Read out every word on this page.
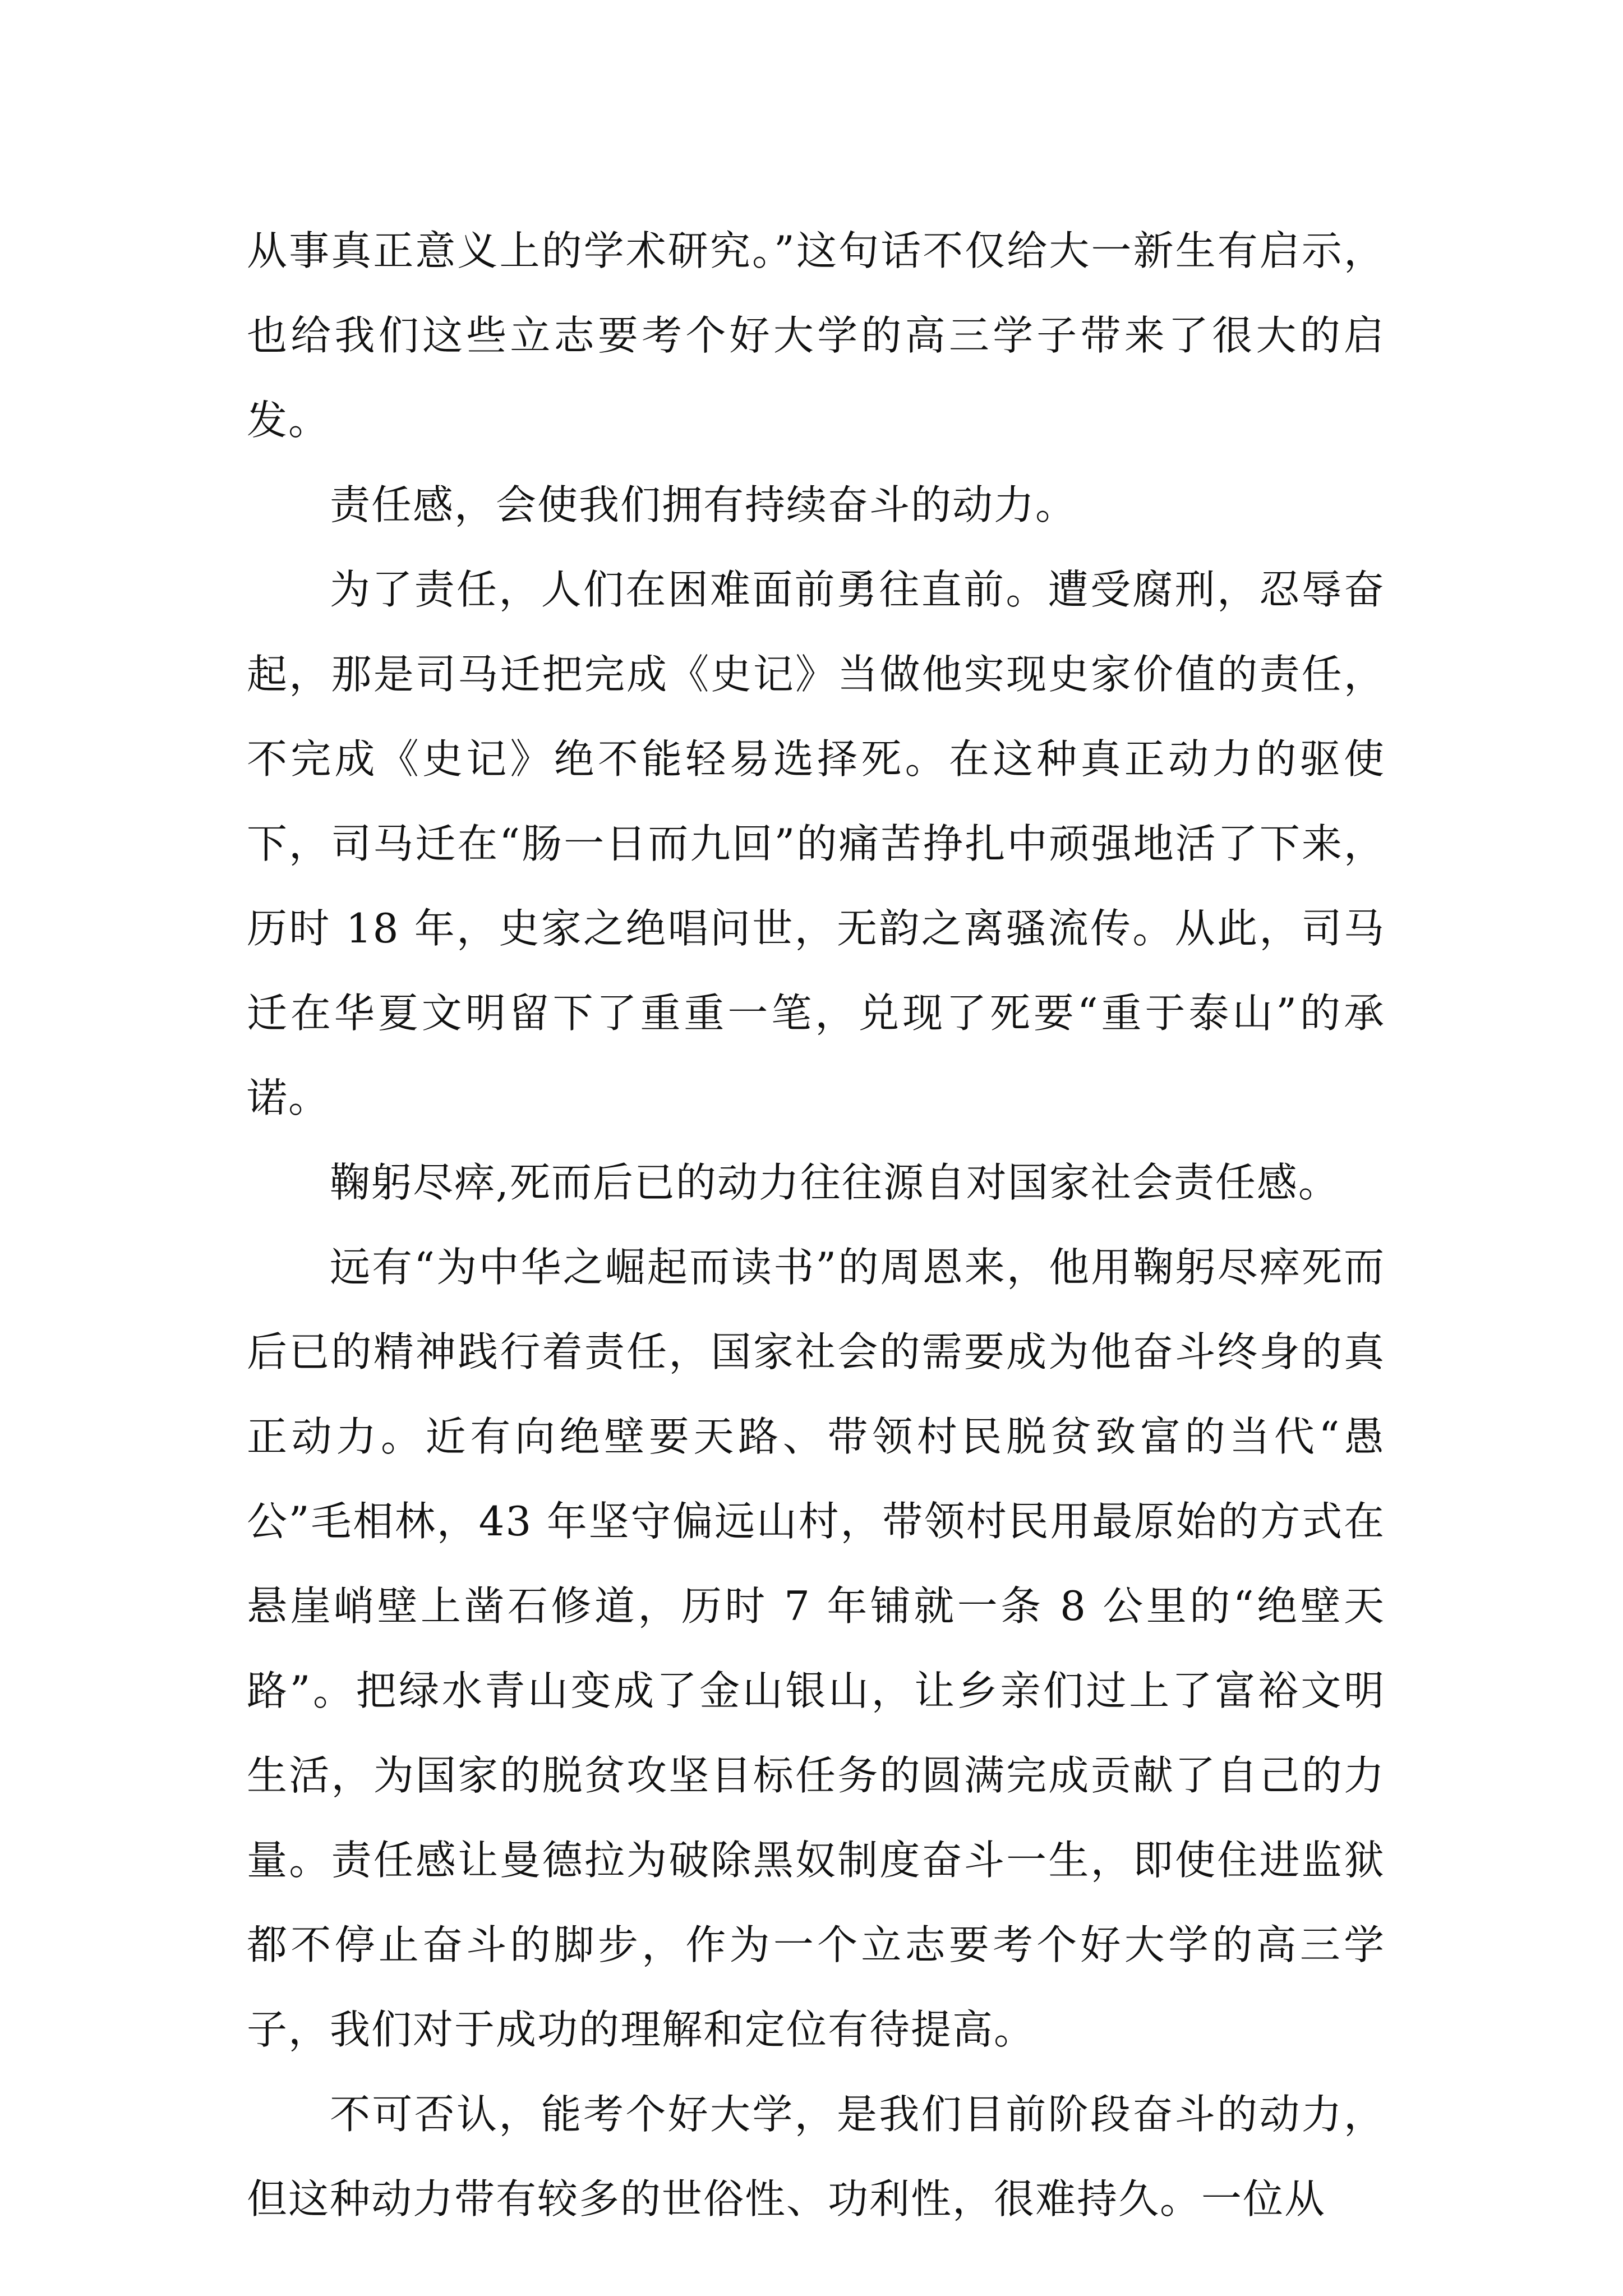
从事真正意义上的学术研究。”这句话不仅给大一新生有启示，也给我们这些立志要考个好大学的高三学子带来了很大的启发。

责任感，会使我们拥有持续奋斗的动力。

为了责任，人们在困难面前勇往直前。遭受腐刑，忍辱奋起，那是司马迁把完成《史记》当做他实现史家价值的责任，不完成《史记》绝不能轻易选择死。在这种真正动力的驱使下，司马迁在“肠一日而九回”的痛苦挣扎中顽强地活了下来，历时 18 年，史家之绝唱问世，无韵之离骚流传。从此，司马迁在华夏文明留下了重重一笔，兑现了死要“重于泰山”的承诺。

鞠躬尽瘁,死而后已的动力往往源自对国家社会责任感。

远有“为中华之崛起而读书”的周恩来，他用鞠躬尽瘁死而后已的精神践行着责任，国家社会的需要成为他奋斗终身的真正动力。近有向绝壁要天路、带领村民脱贫致富的当代“愚公”毛相林，43 年坚守偏远山村，带领村民用最原始的方式在悬崖峭壁上凿石修道，历时 7 年铺就一条 8 公里的“绝壁天路”。把绿水青山变成了金山银山，让乡亲们过上了富裕文明生活，为国家的脱贫攻坚目标任务的圆满完成贡献了自己的力量。责任感让曼德拉为破除黑奴制度奋斗一生，即使住进监狱都不停止奋斗的脚步，作为一个立志要考个好大学的高三学子，我们对于成功的理解和定位有待提高。

不可否认，能考个好大学，是我们目前阶段奋斗的动力，但这种动力带有较多的世俗性、功利性，很难持久。一位从
